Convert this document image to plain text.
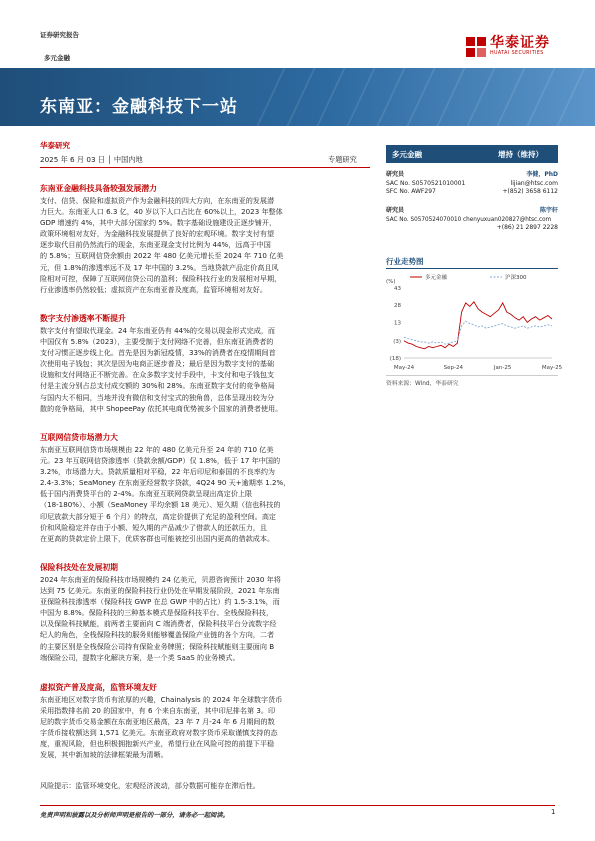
证券研究报告
多元金融
华泰证券
HUATAI SECURITIES
东南亚：金融科技下一站
华泰研究
2025 年 6 月 03 日 │ 中国内地	专题研究
东南亚金融科技具备较强发展潜力
支付、信贷、保险和虚拟资产作为金融科技的四大方向，在东南亚的发展潜
力巨大。东南亚人口 6.3 亿，40 岁以下人口占比在 60%以上，2023 年整体
GDP 增速约 4%，其中大部分国家约 5%。数字基础设施建设正逐步铺开，
政策环境相对友好，为金融科技发展提供了良好的宏观环境。数字支付有望
逐步取代目前仍然流行的现金，东南亚现金支付比例为 44%，远高于中国
的 5.8%；互联网信贷余额由 2022 年 480 亿美元增长至 2024 年 710 亿美
元，但 1.8%的渗透率远不及 17 年中国的 3.2%。当地贷款产品定价高且风
险相对可控，保障了互联网信贷公司的盈利；保险科技行业的发展相对早期，
行业渗透率仍然较低；虚拟资产在东南亚普及度高，监管环境相对友好。
数字支付渗透率不断提升
数字支付有望取代现金。24 年东南亚仍有 44%的交易以现金形式完成，而
中国仅有 5.8%（2023），主要受制于支付网络不完善，但东南亚消费者的
支付习惯正逐步线上化。首先是因为新冠疫情，33%的消费者在疫情期间首
次使用电子钱包；其次是因为电商正逐步普及；最后是因为数字支付的基础
设施和支付网络正不断完善。在众多数字支付手段中，卡支付和电子钱包支
付是主流分别占总支付成交额的 30%和 28%。东南亚数字支付的竞争格局
与国内大不相同，当地并没有微信和支付宝式的独角兽，总体呈现出较为分
散的竞争格局，其中 ShopeePay 依托其电商优势被多个国家的消费者使用。
互联网信贷市场潜力大
东南亚互联网信贷市场规模由 22 年的 480 亿美元升至 24 年的 710 亿美
元。23 年互联网信贷渗透率（贷款余额/GDP）仅 1.8%，低于 17 年中国的
3.2%，市场潜力大。贷款质量相对平稳，22 年后印尼和泰国的不良率约为
2.4-3.3%；SeaMoney 在东南亚经营数字贷款，4Q24 90 天+逾期率 1.2%，
低于国内消费贷平台的 2-4%。东南亚互联网贷款呈现出高定价上限
（18-180%）、小额（SeaMoney 平均余额 18 美元）、短久期（信也科技的
印尼放款大部分短于 6 个月）的特点，高定价提供了充足的盈利空间。高定
价和风险稳定并存由于小额、短久期的产品减少了借款人的还款压力，且
在更高的贷款定价上限下，优质客群也可能被挖引出国内更高的借款成本。
保险科技处在发展初期
2024 年东南亚的保险科技市场规模约 24 亿美元，贝恩咨询预计 2030 年将
达到 75 亿美元。东南亚的保险科技行业仍处在早期发展阶段，2021 年东南
亚保险科技渗透率（保险科技 GWP 在总 GWP 中的占比）约 1.5-3.1%，而
中国为 8.8%。保险科技的三种基本模式是保险科技平台、全栈保险科技，
以及保险科技赋能，前两者主要面向 C 端消费者，保险科技平台分流数字经
纪人的角色，全栈保险科技的服务则能够覆盖保险产业链的各个方向，二者
的主要区别是全栈保险公司持有保险业务牌照；保险科技赋能则主要面向 B
端保险公司，提数字化解决方案，是一个类 SaaS 的业务模式。
虚拟资产普及度高，监管环境友好
东南亚地区对数字货币有浓厚的兴趣，Chainalysis 的 2024 年全球数字货币
采用指数排名前 20 的国家中，有 6 个来自东南亚，其中印尼排名第 3。印
尼的数字货币交易金额在东南亚地区最高，23 年 7 月-24 年 6 月期间的数
字货币接收额达到 1,571 亿美元。东南亚政府对数字货币采取谨慎支持的态
度，重视风险，但也积极拥抱新兴产业，希望行业在风险可控的前提下平稳
发展，其中新加坡的法律框架最为清晰。
风险提示：监管环境变化，宏观经济波动，部分数据可能存在滞后性。
多元金融	增持（维持）
研究员	李健，PhD
SAC No. S0570521010001	lijian@htsc.com
SFC No. AWF297	+(852) 3658 6112
研究员	陈宇轩
SAC No. S0570524070010 chenyuxuan020827@htsc.com
+(86) 21 2897 2228
行业走势图
(%)
43
28
13
(3)
(18)
May-24	Sep-24	Jan-25	May-25
多元金融	沪深300
资料来源：Wind，华泰研究
免责声明和披露以及分析师声明是报告的一部分，请务必一起阅读。	1
